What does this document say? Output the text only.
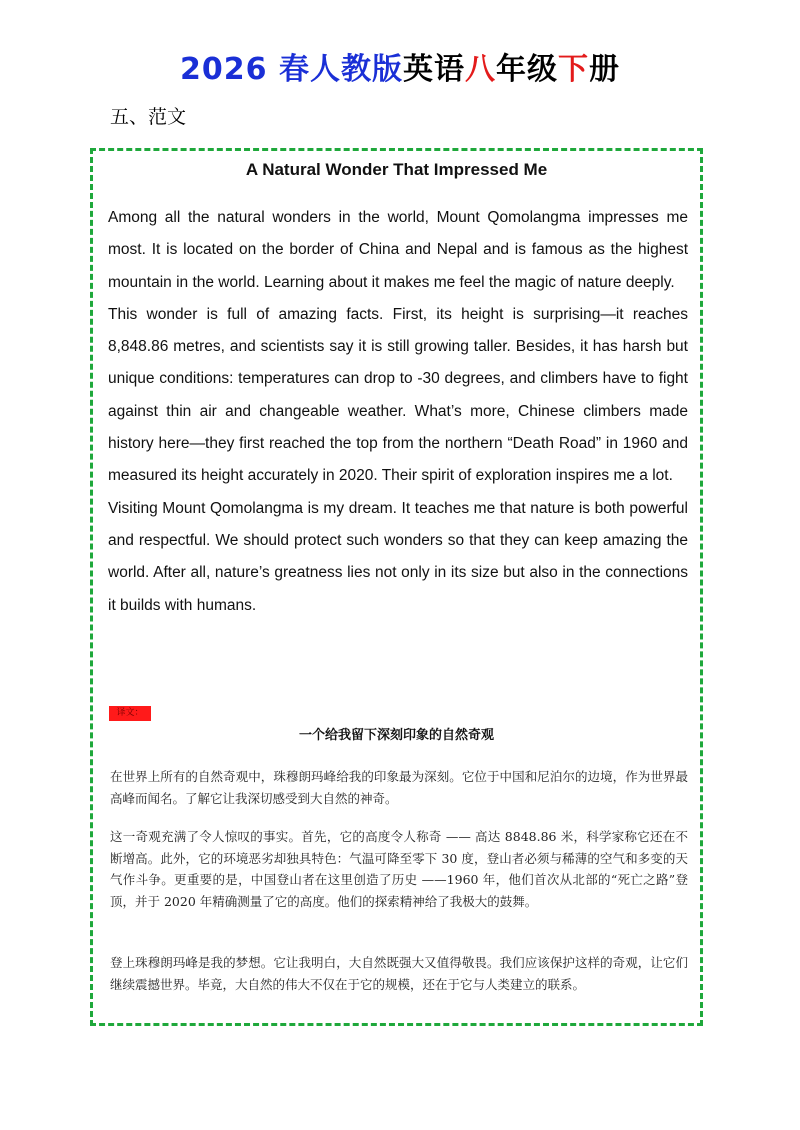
2026 春人教版英语八年级下册
五、范文
A Natural Wonder That Impressed Me

Among all the natural wonders in the world, Mount Qomolangma impresses me most. It is located on the border of China and Nepal and is famous as the highest mountain in the world. Learning about it makes me feel the magic of nature deeply.

This wonder is full of amazing facts. First, its height is surprising—it reaches 8,848.86 metres, and scientists say it is still growing taller. Besides, it has harsh but unique conditions: temperatures can drop to -30 degrees, and climbers have to fight against thin air and changeable weather. What’s more, Chinese climbers made history here—they first reached the top from the northern “Death Road” in 1960 and measured its height accurately in 2020. Their spirit of exploration inspires me a lot.

Visiting Mount Qomolangma is my dream. It teaches me that nature is both powerful and respectful. We should protect such wonders so that they can keep amazing the world. After all, nature’s greatness lies not only in its size but also in the connections it builds with humans.

译文：
一个给我留下深刻印象的自然奇观
在世界上所有的自然奇观中，珠穆朗玛峰给我的印象最为深刻。它位于中国和尼泊尔的边境，作为世界最高峰而闻名。了解它让我深切感受到大自然的神奇。
这一奇观充满了令人惊叹的事实。首先，它的高度令人称奇 —— 高达 8848.86 米，科学家称它还在不断增高。此外，它的环境恶劣却独具特色：气温可降至零下 30 度，登山者必须与稀薄的空气和多变的天气作斗争。更重要的是，中国登山者在这里创造了历史 ——1960 年，他们首次从北部的“死亡之路”登顶，并于 2020 年精确测量了它的高度。他们的探索精神给了我极大的鼓舞。
登上珠穆朗玛峰是我的梦想。它让我明白，大自然既强大又值得敬畏。我们应该保护这样的奇观，让它们继续震撼世界。毕竟，大自然的伟大不仅在于它的规模，还在于它与人类建立的联系。
